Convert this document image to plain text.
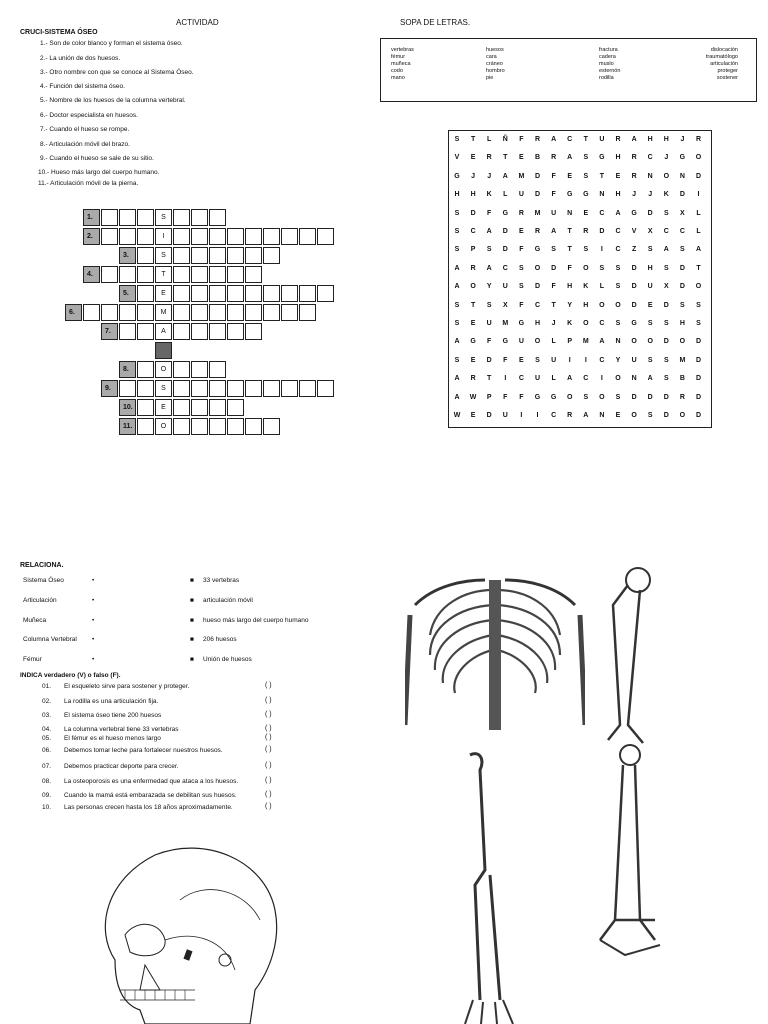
ACTIVIDAD
CRUCI-SISTEMA ÓSEO
SOPA DE LETRAS.
1.- Son de color blanco y forman el sistema óseo.
2.- La unión de dos huesos.
3.- Otro nombre con que se conoce al Sistema Óseo.
4.- Función del sistema óseo.
5.- Nombre de los huesos de la columna vertebral.
6.- Doctor especialista en huesos.
7.- Cuando el hueso se rompe.
8.- Articulación móvil del brazo.
9.- Cuando el hueso se sale de su sitio.
10.- Hueso más largo del cuerpo humano.
11.- Articulación móvil de la pierna.
1.	S
2.	I
3.	S
4.	T
5.	E
6.	M
7.	A
8.	O
9.	S
10.	E
11.	O
vertebras	huesos	fractura	dislocación
fémur	cara	cadera	traumatólogo
muñeca	cráneo	muslo	articulación
codo	hombro	esternón	proteger
mano	pie	rodilla	sostener
S	T	L	Ñ	F	R	A	C	T	U	R	A	H	H	J	R
V	E	R	T	E	B	R	A	S	G	H	R	C	J	G	O
G	J	J	A	M	D	F	E	S	T	E	R	N	O	N	D
H	H	K	L	U	D	F	G	G	N	H	J	J	K	D	I
S	D	F	G	R	M	U	N	E	C	A	G	D	S	X	L
S	C	A	D	E	R	A	T	R	D	C	V	X	C	C	L
S	P	S	D	F	G	S	T	S	I	C	Z	S	A	S	A
A	R	A	C	S	O	D	F	O	S	S	D	H	S	D	T
A	O	Y	U	S	D	F	H	K	L	S	D	U	X	D	O
S	T	S	X	F	C	T	Y	H	O	O	D	E	D	S	S
S	E	U	M	G	H	J	K	O	C	S	G	S	S	H	S
A	G	F	G	U	O	L	P	M	A	N	O	O	D	O	D
S	E	D	F	E	S	U	I	I	C	Y	U	S	S	M	D
A	R	T	I	C	U	L	A	C	I	O	N	A	S	B	D
A	W	P	F	F	G	G	O	S	O	S	D	D	D	R	D
W	E	D	U	I	I	C	R	A	N	E	O	S	D	O	D
RELACIONA.
Sistema Óseo	•	■ 33 vertebras
Articulación	•	■ articulación móvil
Muñeca	•	■ hueso más largo del cuerpo humano
Columna Vertebral •	■ 206 huesos
Fémur	•	■ Unión de huesos
INDICA verdadero (V) o falso (F).
01. El esqueleto sirve para sostener y proteger.	( )
02. La rodilla es una articulación fija.	( )
03. El sistema óseo tiene 200 huesos	( )
04. La columna vertebral tiene 33 vertebras	( )
05. El fémur es el hueso menos largo	( )
06. Debemos tomar leche para fortalecer nuestros huesos.	( )
07. Debemos practicar deporte para crecer.	( )
08. La osteoporosis es una enfermedad que ataca a los huesos.	( )
09. Cuando la mamá está embarazada se debilitan sus huesos.	( )
10. Las personas crecen hasta los 18 años aproximadamente.	( )
